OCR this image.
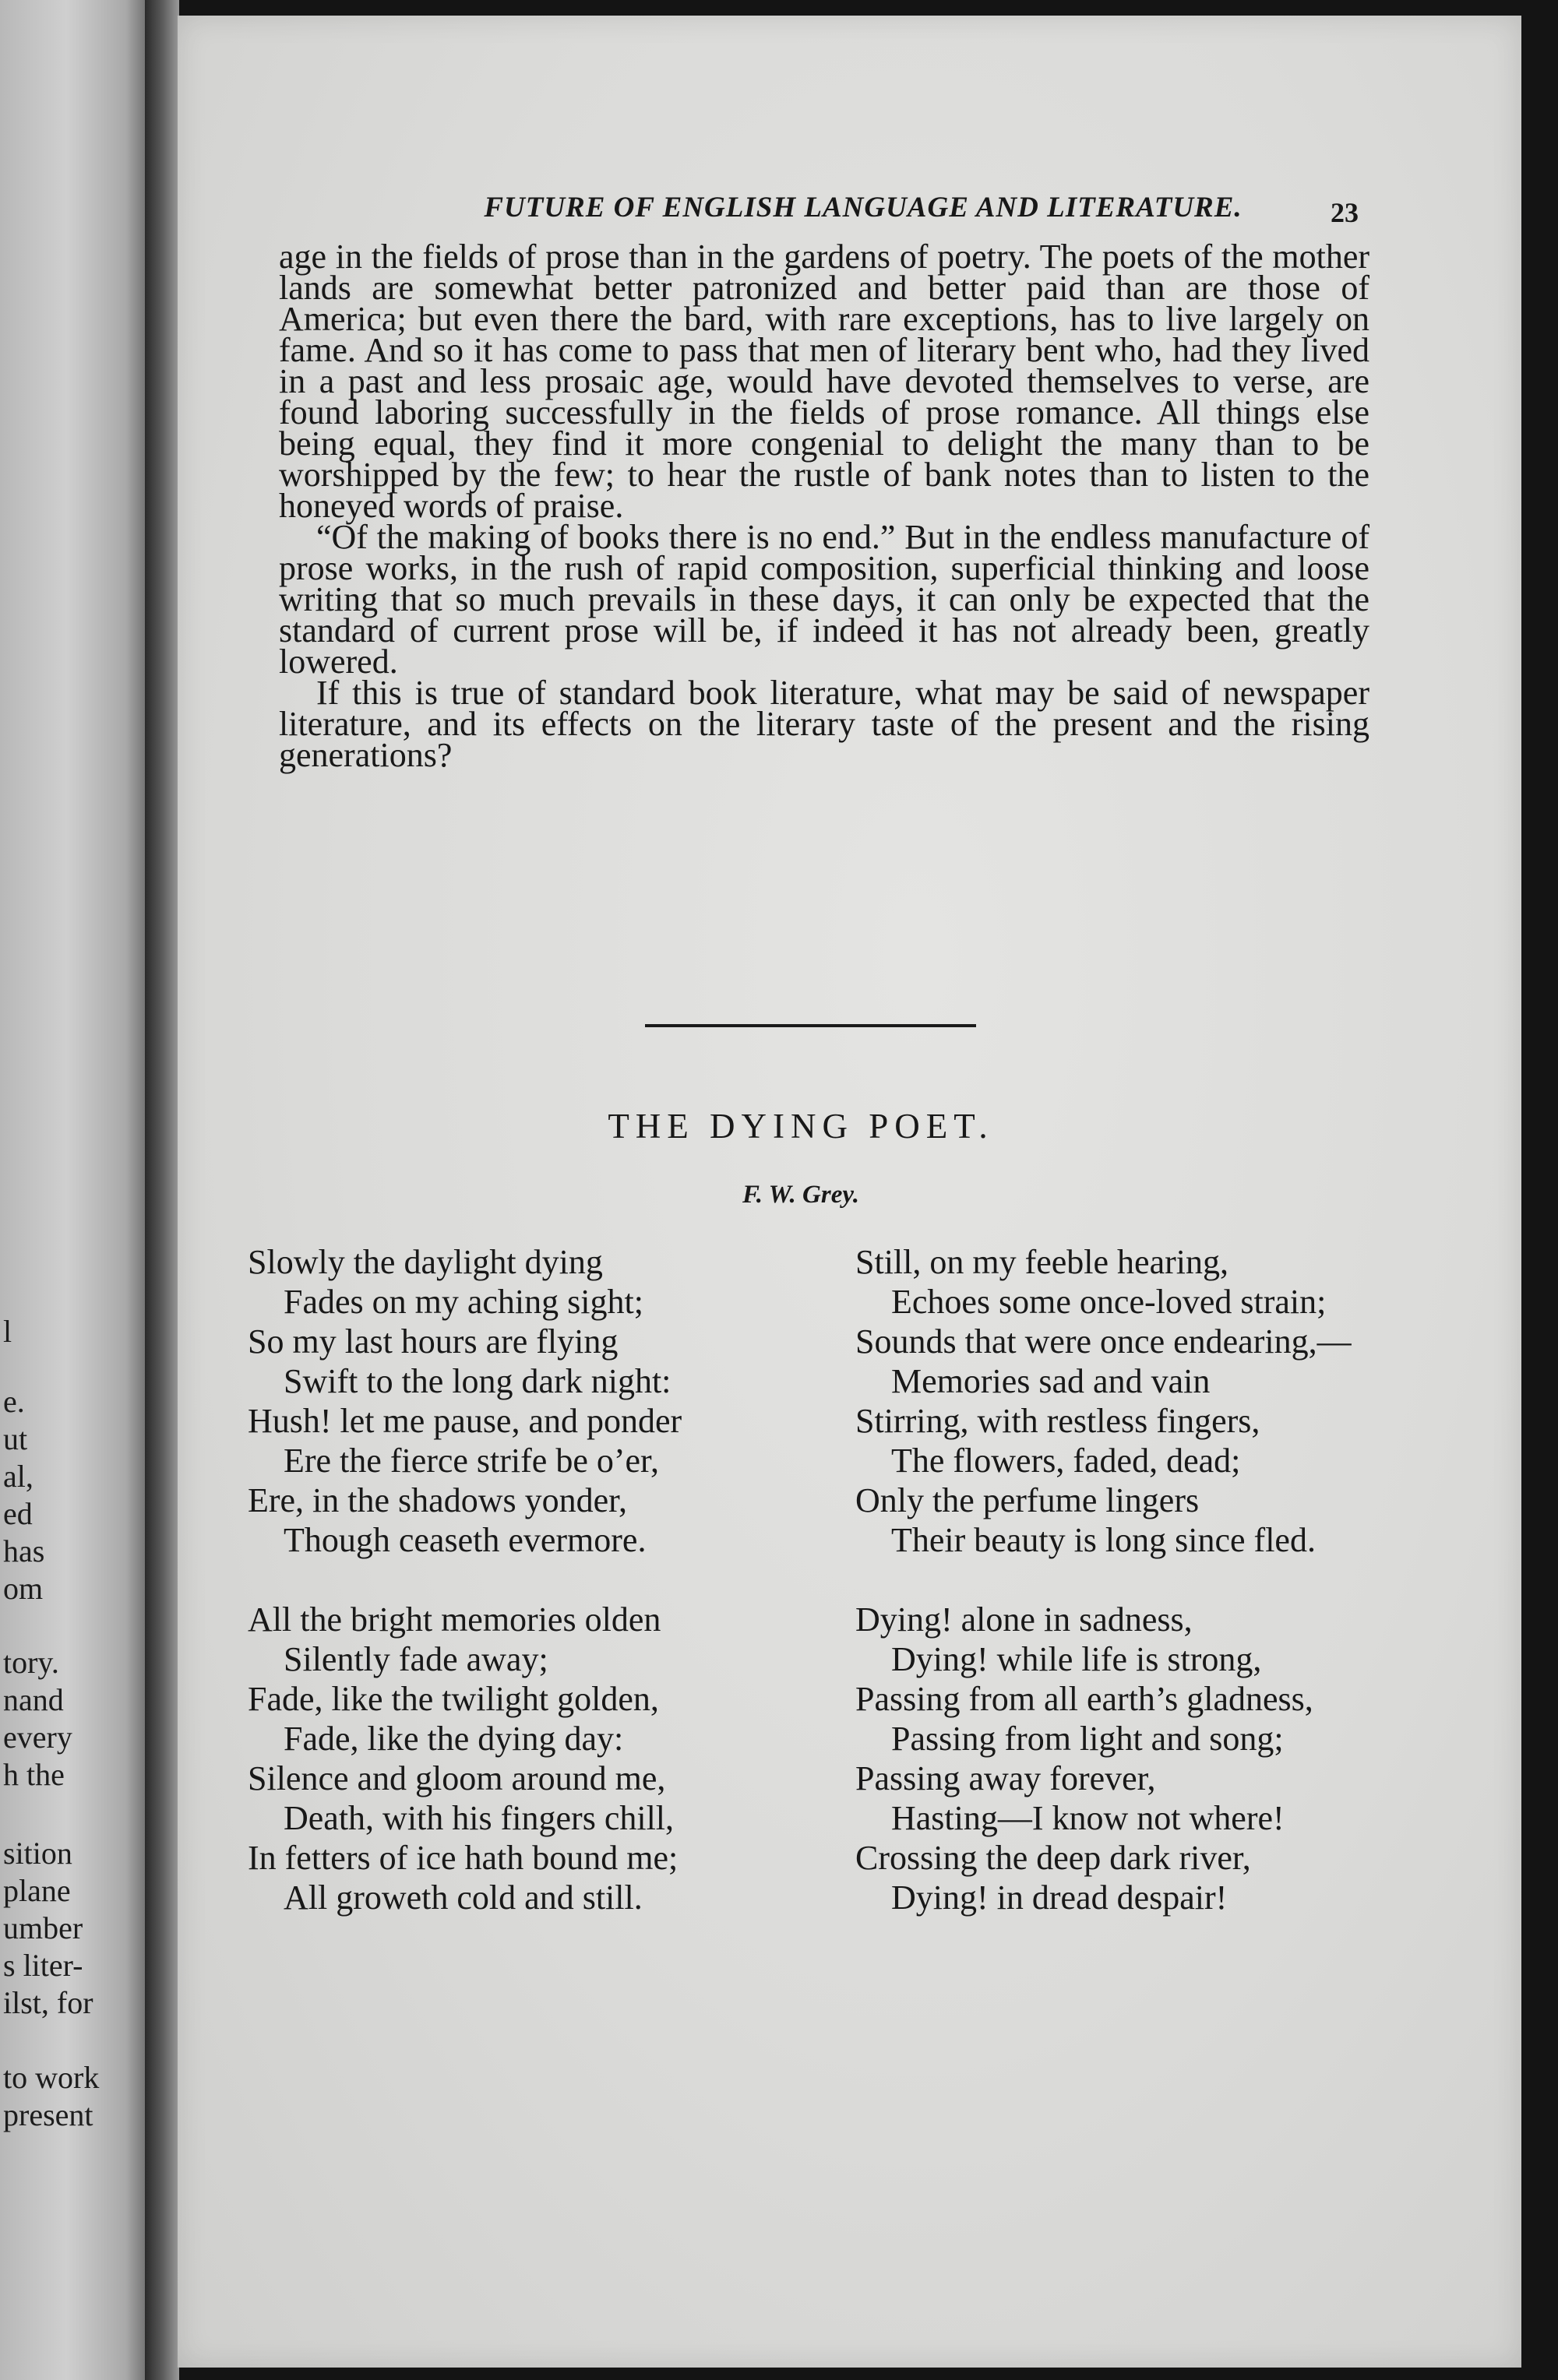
l
e.
ut
al,
ed
has
om
tory.
nand
every
h the
sition
plane
umber
s liter-
ilst, for
to work
present
FUTURE OF ENGLISH LANGUAGE AND LITERATURE.	23

age in the fields of prose than in the gardens of poetry. The poets of the mother lands are somewhat better patronized and better paid than are those of America; but even there the bard, with rare exceptions, has to live largely on fame. And so it has come to pass that men of literary bent who, had they lived in a past and less prosaic age, would have devoted themselves to verse, are found laboring successfully in the fields of prose romance. All things else being equal, they find it more congenial to delight the many than to be worshipped by the few; to hear the rustle of bank notes than to listen to the honeyed words of praise.

“Of the making of books there is no end.” But in the endless manufacture of prose works, in the rush of rapid composition, superficial thinking and loose writing that so much prevails in these days, it can only be expected that the standard of current prose will be, if indeed it has not already been, greatly lowered.

If this is true of standard book literature, what may be said of newspaper literature, and its effects on the literary taste of the present and the rising generations?

THE DYING POET.
F. W. Grey.
Slowly the daylight dying
Fades on my aching sight;
So my last hours are flying
Swift to the long dark night:
Hush! let me pause, and ponder
Ere the fierce strife be o’er,
Ere, in the shadows yonder,
Though ceaseth evermore.
All the bright memories olden
Silently fade away;
Fade, like the twilight golden,
Fade, like the dying day:
Silence and gloom around me,
Death, with his fingers chill,
In fetters of ice hath bound me;
All groweth cold and still.
Still, on my feeble hearing,
Echoes some once-loved strain;
Sounds that were once endearing,—
Memories sad and vain
Stirring, with restless fingers,
The flowers, faded, dead;
Only the perfume lingers
Their beauty is long since fled.
Dying! alone in sadness,
Dying! while life is strong,
Passing from all earth’s gladness,
Passing from light and song;
Passing away forever,
Hasting—I know not where!
Crossing the deep dark river,
Dying! in dread despair!
